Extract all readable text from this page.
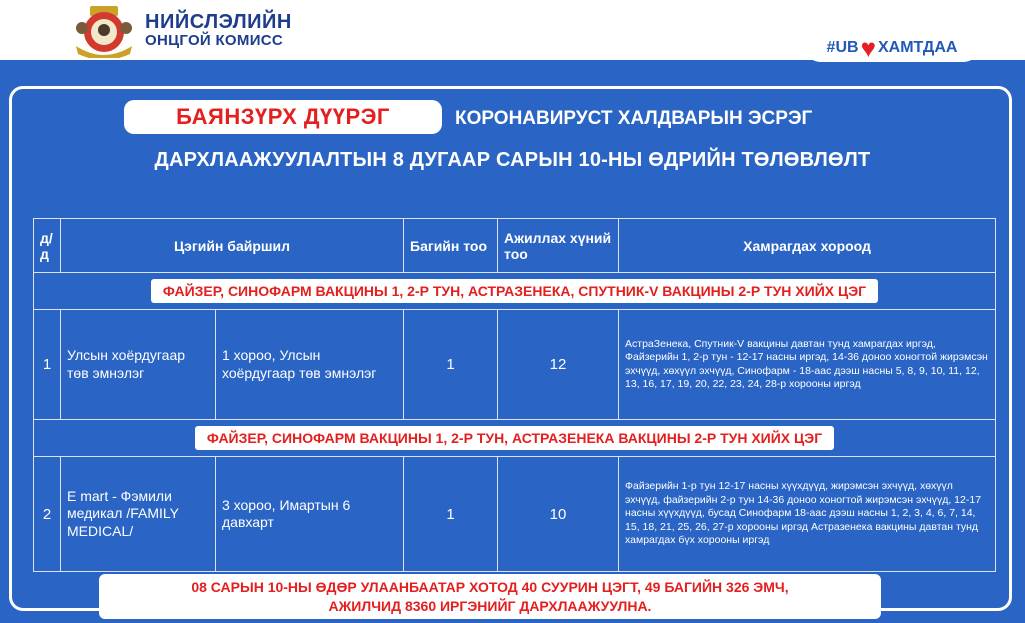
НИЙСЛЭЛИЙН
ОНЦГОЙ КОМИСС	#UB ♥ ХАМТДАА
БАЯНЗҮРХ ДҮҮРЭГ	КОРОНАВИРУСТ ХАЛДВАРЫН ЭСРЭГ
ДАРХЛААЖУУЛАЛТЫН 8 ДУГААР САРЫН 10-НЫ ӨДРИЙН ТӨЛӨВЛӨЛТ
д/д	Цэгийн байршил		Багийн тоо	Ажиллах хүний тоо	Хамрагдах хороод
ФАЙЗЕР, СИНОФАРМ ВАКЦИНЫ 1, 2-Р ТУН, АСТРАЗЕНЕКА, СПУТНИК-V ВАКЦИНЫ 2-Р ТУН ХИЙХ ЦЭГ					
1	Улсын хоёрдугаар төв эмнэлэг	1 хороо, Улсын хоёрдугаар төв эмнэлэг	1	12	АстраЗенека, Спутник-V вакцины давтан тунд хамрагдах иргэд, Файзерийн 1, 2-р тун - 12-17 насны иргэд, 14-36 доноо хоногтой жирэмсэн эхчүүд, хөхүүл эхчүүд, Синофарм - 18-аас дээш насны 5, 8, 9, 10, 11, 12, 13, 16, 17, 19, 20, 22, 23, 24, 28-р хорооны иргэд
ФАЙЗЕР, СИНОФАРМ ВАКЦИНЫ 1, 2-Р ТУН, АСТРАЗЕНЕКА ВАКЦИНЫ 2-Р ТУН ХИЙХ ЦЭГ					
2	E mart - Фэмили медикал /FAMILY MEDICAL/	3 хороо, Имартын 6 давхарт	1	10	Файзерийн 1-р тун 12-17 насны хүүхдүүд, жирэмсэн эхчүүд, хөхүүл эхчүүд, файзерийн 2-р тун 14-36 доноо хоногтой жирэмсэн эхчүүд, 12-17 насны хүүхдүүд, бусад Синофарм 18-аас дээш насны 1, 2, 3, 4, 6, 7, 14, 15, 18, 21, 25, 26, 27-р хорооны иргэд Астразенека вакцины давтан тунд хамрагдах бүх хорооны иргэд
08 САРЫН 10-НЫ ӨДӨР УЛААНБААТАР ХОТОД 40 СУУРИН ЦЭГТ, 49 БАГИЙН 326 ЭМЧ,
АЖИЛЧИД 8360 ИРГЭНИЙГ ДАРХЛААЖУУЛНА.
